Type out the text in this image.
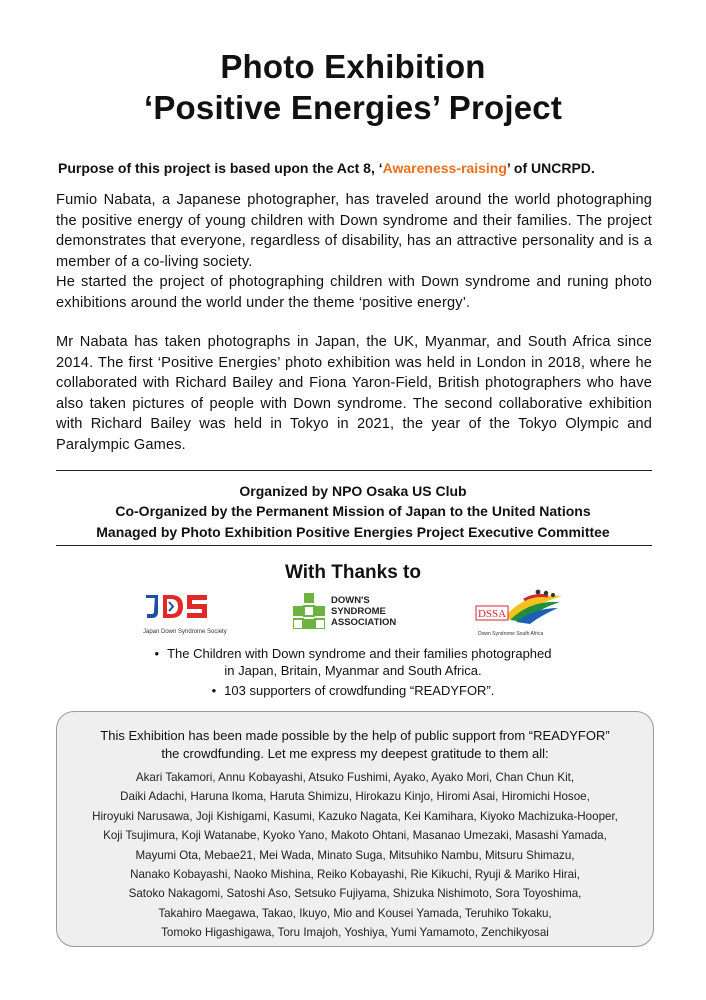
Photo Exhibition
‘Positive Energies’ Project
Purpose of this project is based upon the Act 8, ‘Awareness-raising’ of UNCRPD.

Fumio Nabata, a Japanese photographer, has traveled around the world photographing the positive energy of young children with Down syndrome and their families. The project demonstrates that everyone, regardless of disability, has an attractive personality and is a member of a co-living society.

He started the project of photographing children with Down syndrome and runing photo exhibitions around the world under the theme ‘positive energy’.

Mr Nabata has taken photographs in Japan, the UK, Myanmar, and South Africa since 2014. The first ‘Positive Energies’ photo exhibition was held in London in 2018, where he collaborated with Richard Bailey and Fiona Yaron-Field, British photographers who have also taken pictures of people with Down syndrome. The second collaborative exhibition with Richard Bailey was held in Tokyo in 2021, the year of the Tokyo Olympic and Paralympic Games.

Organized by NPO Osaka US Club
Co-Organized by the Permanent Mission of Japan to the United Nations
Managed by Photo Exhibition Positive Energies Project Executive Committee
With Thanks to
Japan Down Syndrome Society
DOWN'S
SYNDROME
ASSOCIATION
DSSA
Down Syndrome South Africa
• The Children with Down syndrome and their families photographed
in Japan, Britain, Myanmar and South Africa.
• 103 supporters of crowdfunding “READYFOR”.
This Exhibition has been made possible by the help of public support from “READYFOR”
the crowdfunding. Let me express my deepest gratitude to them all:
Akari Takamori, Annu Kobayashi, Atsuko Fushimi, Ayako, Ayako Mori, Chan Chun Kit,
Daiki Adachi, Haruna Ikoma, Haruta Shimizu, Hirokazu Kinjo, Hiromi Asai, Hiromichi Hosoe,
Hiroyuki Narusawa, Joji Kishigami, Kasumi, Kazuko Nagata, Kei Kamihara, Kiyoko Machizuka-Hooper,
Koji Tsujimura, Koji Watanabe, Kyoko Yano, Makoto Ohtani, Masanao Umezaki, Masashi Yamada,
Mayumi Ota, Mebae21, Mei Wada, Minato Suga, Mitsuhiko Nambu, Mitsuru Shimazu,
Nanako Kobayashi, Naoko Mishina, Reiko Kobayashi, Rie Kikuchi, Ryuji & Mariko Hirai,
Satoko Nakagomi, Satoshi Aso, Setsuko Fujiyama, Shizuka Nishimoto, Sora Toyoshima,
Takahiro Maegawa, Takao, Ikuyo, Mio and Kousei Yamada, Teruhiko Tokaku,
Tomoko Higashigawa, Toru Imajoh, Yoshiya, Yumi Yamamoto, Zenchikyosai
